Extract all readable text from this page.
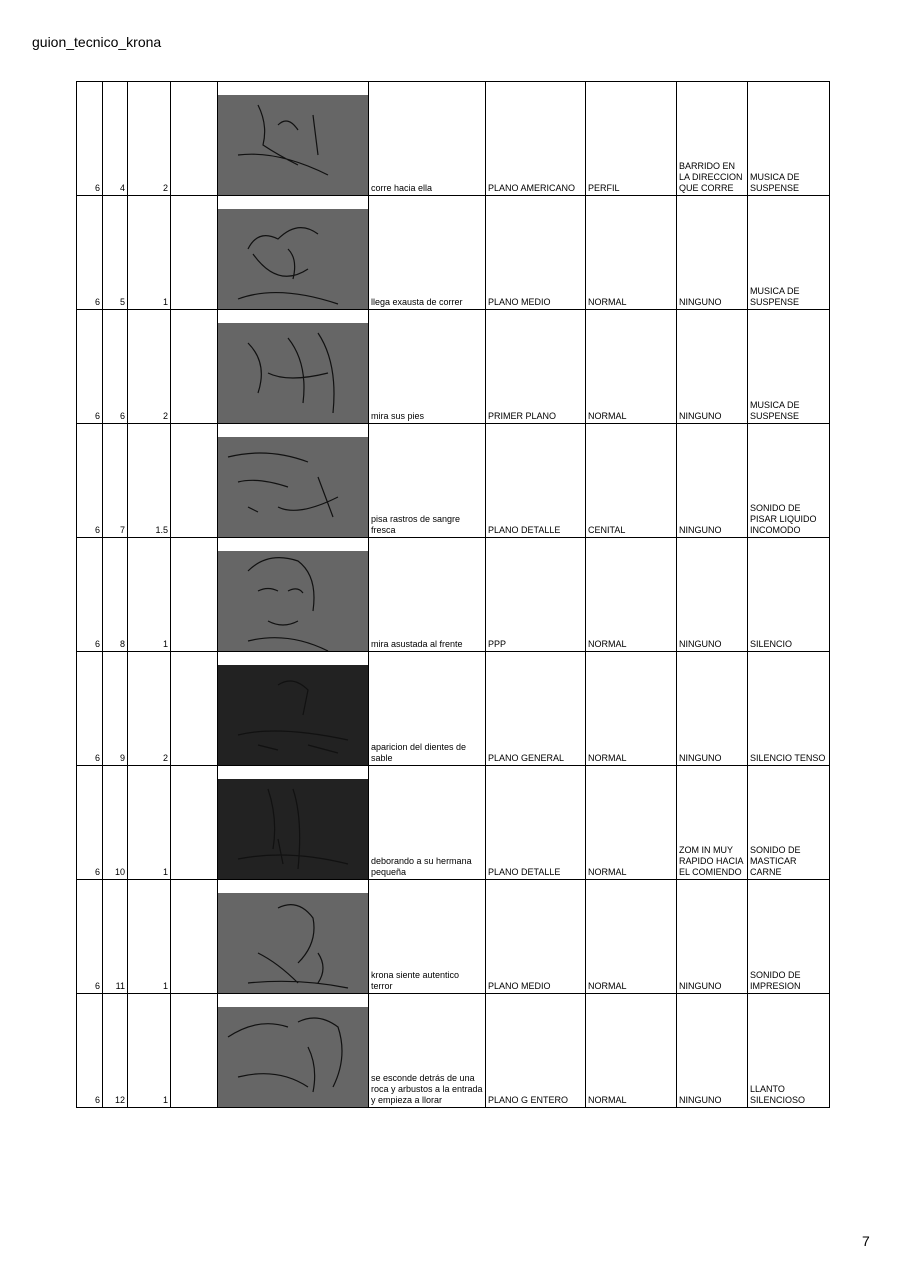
guion_tecnico_krona
6	4	2			corre hacia ella	PLANO AMERICANO	PERFIL	BARRIDO EN LA DIRECCION QUE CORRE	MUSICA DE SUSPENSE
6	5	1			llega exausta de correr	PLANO MEDIO	NORMAL	NINGUNO	MUSICA DE SUSPENSE
6	6	2			mira sus pies	PRIMER PLANO	NORMAL	NINGUNO	MUSICA DE SUSPENSE
6	7	1.5			pisa rastros de sangre fresca	PLANO DETALLE	CENITAL	NINGUNO	SONIDO DE PISAR LIQUIDO INCOMODO
6	8	1			mira asustada al frente	PPP	NORMAL	NINGUNO	SILENCIO
6	9	2			aparicion del dientes de sable	PLANO GENERAL	NORMAL	NINGUNO	SILENCIO TENSO
6	10	1			deborando a su hermana pequeña	PLANO DETALLE	NORMAL	ZOM IN MUY RAPIDO HACIA EL COMIENDO	SONIDO DE MASTICAR CARNE
6	11	1			krona siente autentico terror	PLANO MEDIO	NORMAL	NINGUNO	SONIDO DE IMPRESION
6	12	1			se esconde detrás de una roca y arbustos a la entrada y empieza a llorar	PLANO G ENTERO	NORMAL	NINGUNO	LLANTO SILENCIOSO
7
